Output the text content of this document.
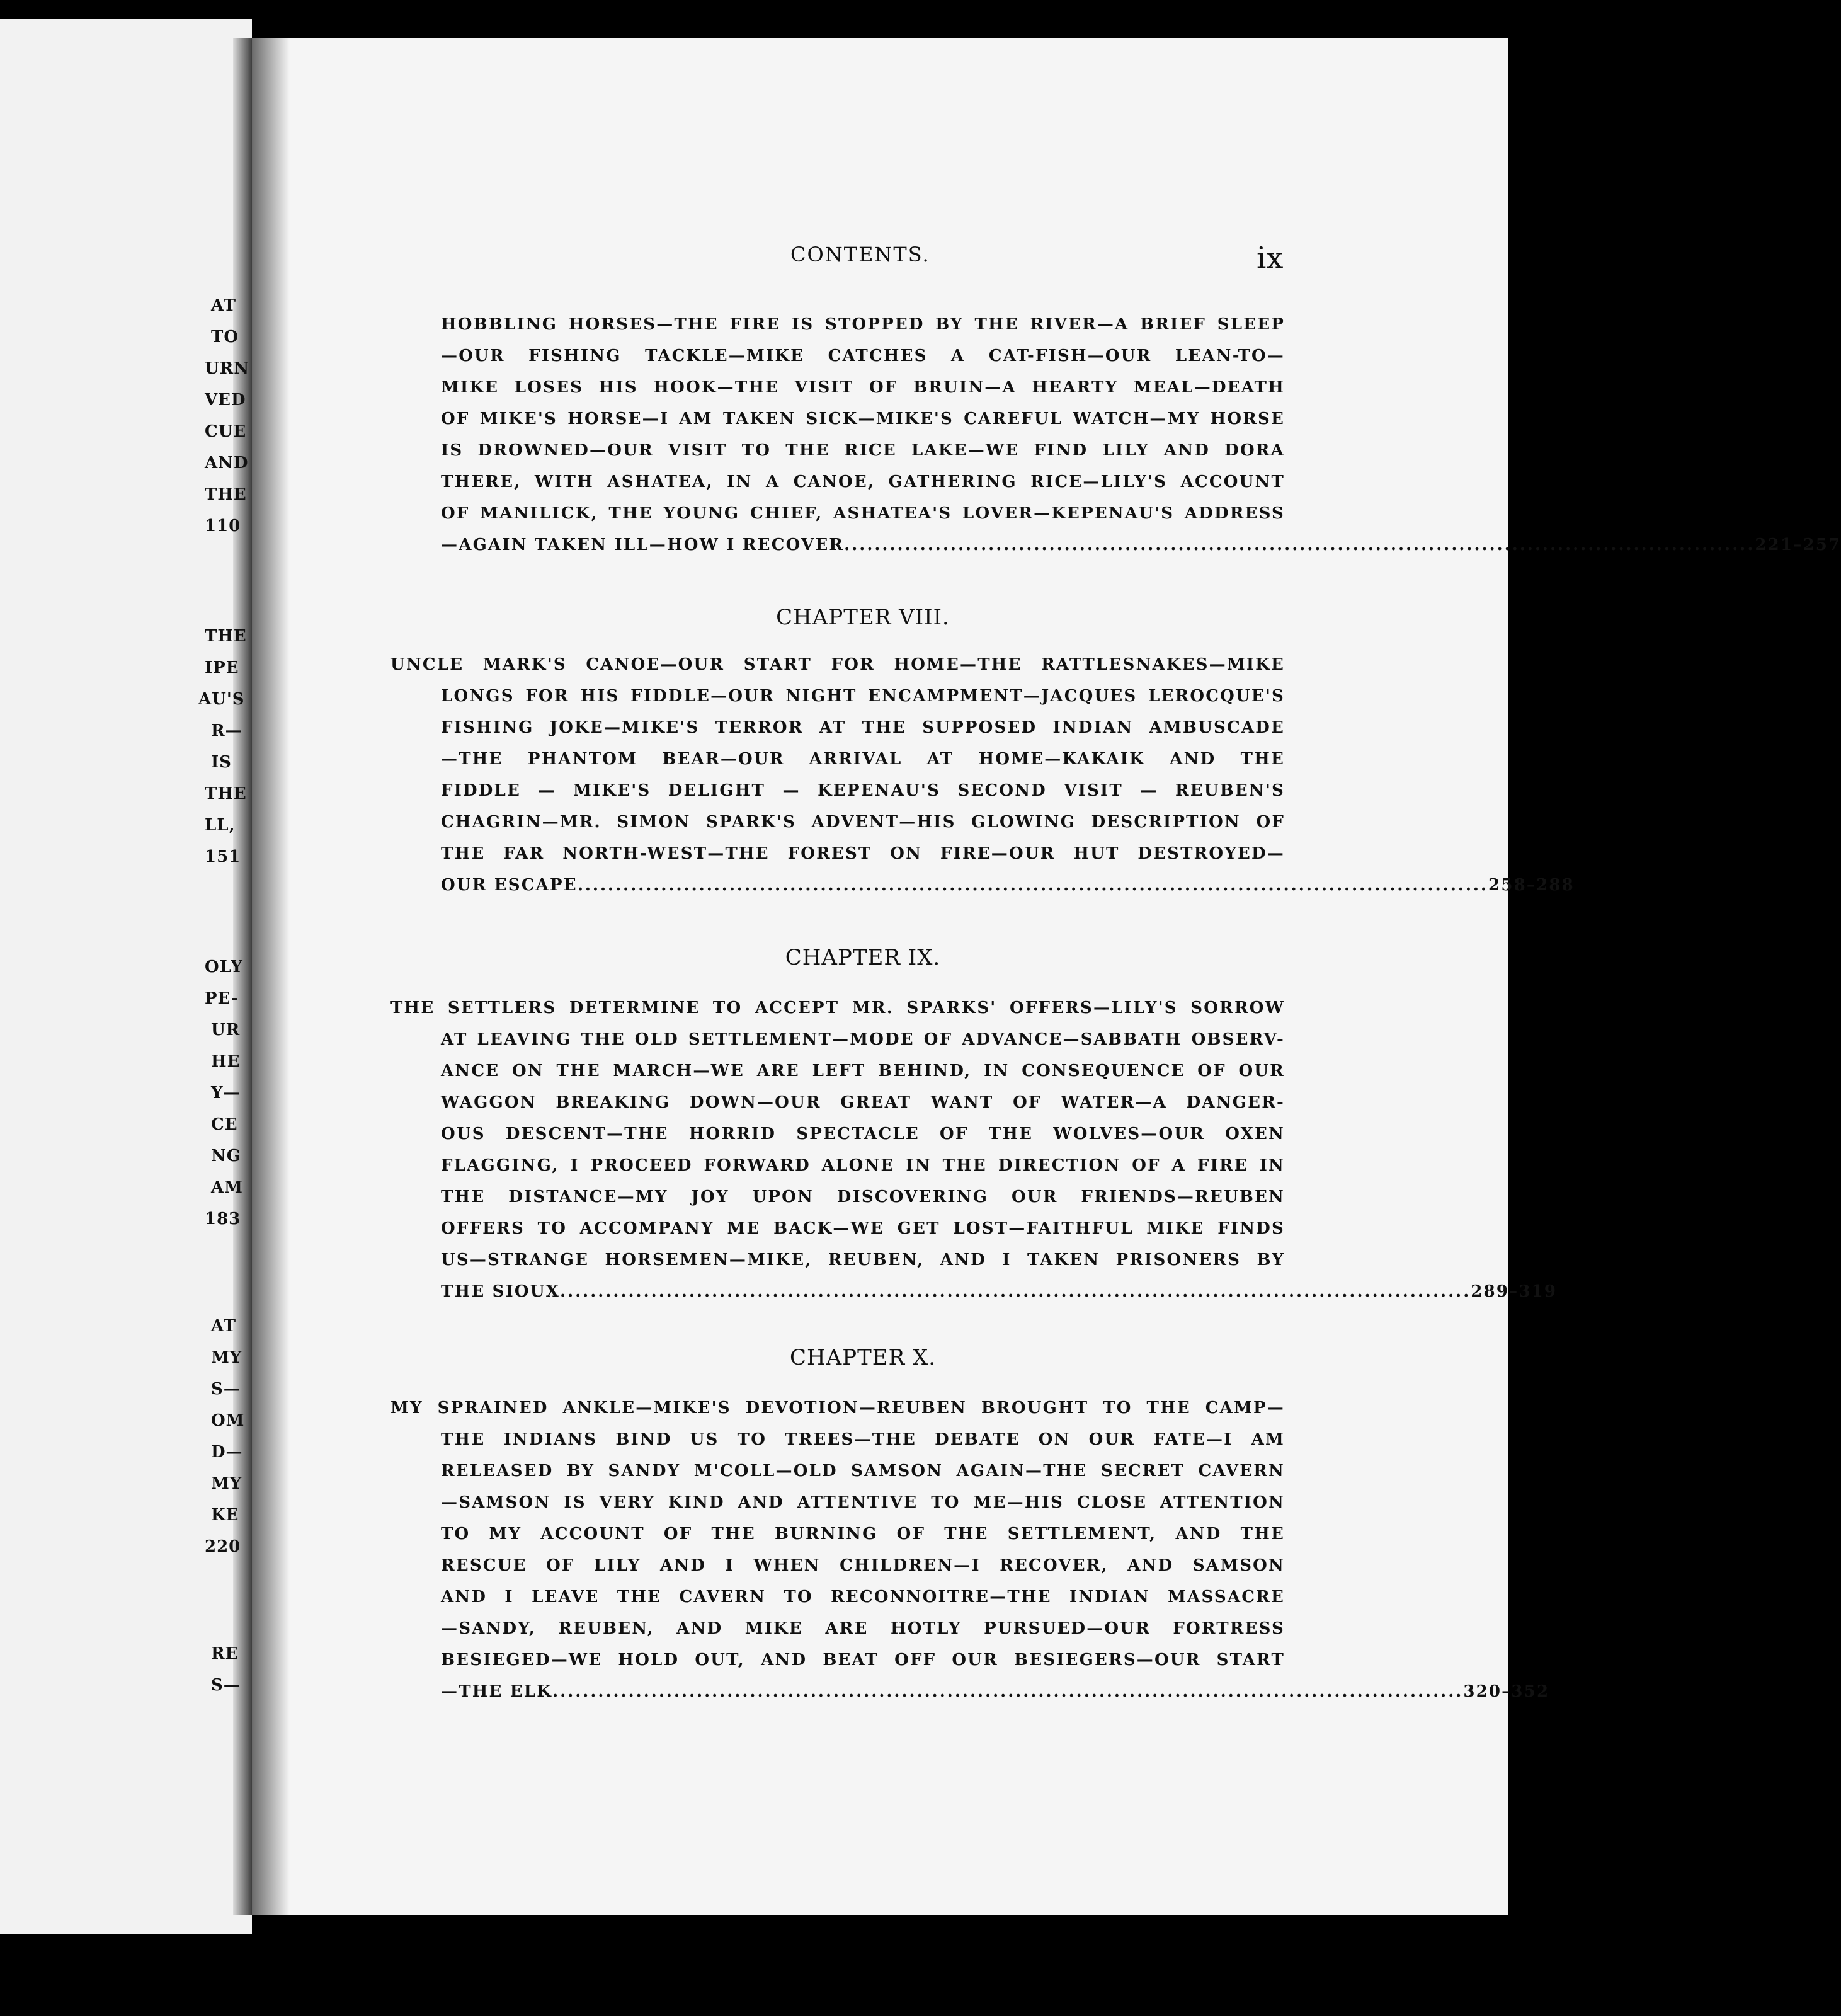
AT
TO
URN
VED
CUE
AND
THE
110
THE
IPE
AU'S
R—
IS
THE
LL,
151
OLY
PE-
UR
HE
Y—
CE
NG
AM
183
AT
MY
S—
OM
D—
MY
KE
220
RE
S—
CONTENTS.	ix
HOBBLING HORSES—THE FIRE IS STOPPED BY THE RIVER—A BRIEF SLEEP
—OUR FISHING TACKLE—MIKE CATCHES A CAT-FISH—OUR LEAN-TO—
MIKE LOSES HIS HOOK—THE VISIT OF BRUIN—A HEARTY MEAL—DEATH
OF MIKE'S HORSE—I AM TAKEN SICK—MIKE'S CAREFUL WATCH—MY HORSE
IS DROWNED—OUR VISIT TO THE RICE LAKE—WE FIND LILY AND DORA
THERE, WITH ASHATEA, IN A CANOE, GATHERING RICE—LILY'S ACCOUNT
OF MANILICK, THE YOUNG CHIEF, ASHATEA'S LOVER—KEPENAU'S ADDRESS
—AGAIN TAKEN ILL—HOW I RECOVER ........................................................................................................................ 221–257
CHAPTER VIII.
UNCLE MARK'S CANOE—OUR START FOR HOME—THE RATTLESNAKES—MIKE
LONGS FOR HIS FIDDLE—OUR NIGHT ENCAMPMENT—JACQUES LEROCQUE'S
FISHING JOKE—MIKE'S TERROR AT THE SUPPOSED INDIAN AMBUSCADE
—THE PHANTOM BEAR—OUR ARRIVAL AT HOME—KAKAIK AND THE
FIDDLE — MIKE'S DELIGHT — KEPENAU'S SECOND VISIT — REUBEN'S
CHAGRIN—MR. SIMON SPARK'S ADVENT—HIS GLOWING DESCRIPTION OF
THE FAR NORTH-WEST—THE FOREST ON FIRE—OUR HUT DESTROYED—
OUR ESCAPE ........................................................................................................................ 258–288
CHAPTER IX.
THE SETTLERS DETERMINE TO ACCEPT MR. SPARKS' OFFERS—LILY'S SORROW
AT LEAVING THE OLD SETTLEMENT—MODE OF ADVANCE—SABBATH OBSERV-
ANCE ON THE MARCH—WE ARE LEFT BEHIND, IN CONSEQUENCE OF OUR
WAGGON BREAKING DOWN—OUR GREAT WANT OF WATER—A DANGER-
OUS DESCENT—THE HORRID SPECTACLE OF THE WOLVES—OUR OXEN
FLAGGING, I PROCEED FORWARD ALONE IN THE DIRECTION OF A FIRE IN
THE DISTANCE—MY JOY UPON DISCOVERING OUR FRIENDS—REUBEN
OFFERS TO ACCOMPANY ME BACK—WE GET LOST—FAITHFUL MIKE FINDS
US—STRANGE HORSEMEN—MIKE, REUBEN, AND I TAKEN PRISONERS BY
THE SIOUX ........................................................................................................................ 289–319
CHAPTER X.
MY SPRAINED ANKLE—MIKE'S DEVOTION—REUBEN BROUGHT TO THE CAMP—
THE INDIANS BIND US TO TREES—THE DEBATE ON OUR FATE—I AM
RELEASED BY SANDY M'COLL—OLD SAMSON AGAIN—THE SECRET CAVERN
—SAMSON IS VERY KIND AND ATTENTIVE TO ME—HIS CLOSE ATTENTION
TO MY ACCOUNT OF THE BURNING OF THE SETTLEMENT, AND THE
RESCUE OF LILY AND I WHEN CHILDREN—I RECOVER, AND SAMSON
AND I LEAVE THE CAVERN TO RECONNOITRE—THE INDIAN MASSACRE
—SANDY, REUBEN, AND MIKE ARE HOTLY PURSUED—OUR FORTRESS
BESIEGED—WE HOLD OUT, AND BEAT OFF OUR BESIEGERS—OUR START
—THE ELK ........................................................................................................................ 320–352
